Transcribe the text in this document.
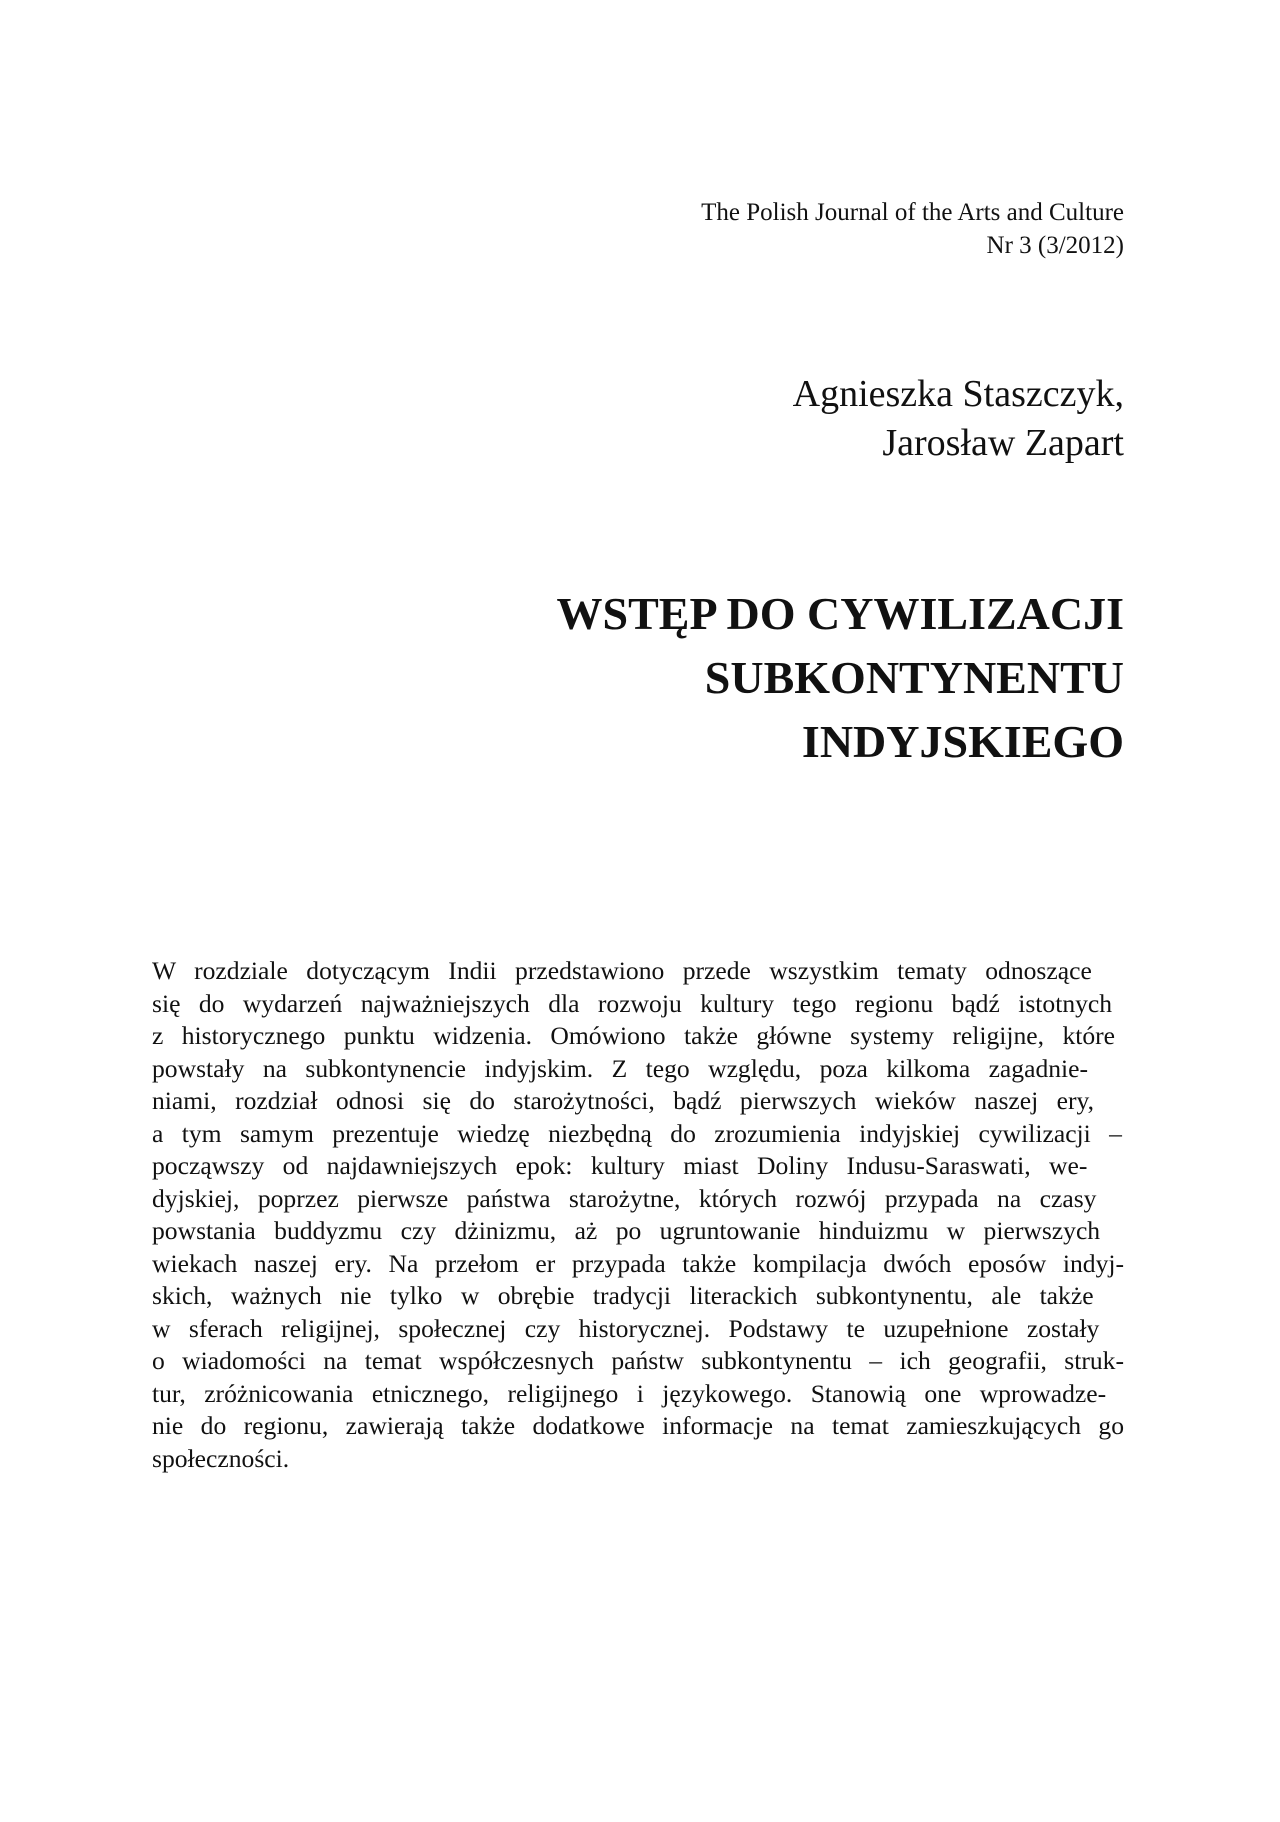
The Polish Journal of the Arts and Culture
Nr 3 (3/2012)
Agnieszka Staszczyk,
Jarosław Zapart
WSTĘP DO CYWILIZACJI
SUBKONTYNENTU
INDYJSKIEGO
W rozdziale dotyczącym Indii przedstawiono przede wszystkim tematy odnoszące
się do wydarzeń najważniejszych dla rozwoju kultury tego regionu bądź istotnych
z historycznego punktu widzenia. Omówiono także główne systemy religijne, które
powstały na subkontynencie indyjskim. Z tego względu, poza kilkoma zagadnie-
niami, rozdział odnosi się do starożytności, bądź pierwszych wieków naszej ery,
a tym samym prezentuje wiedzę niezbędną do zrozumienia indyjskiej cywilizacji –
począwszy od najdawniejszych epok: kultury miast Doliny Indusu-Saraswati, we-
dyjskiej, poprzez pierwsze państwa starożytne, których rozwój przypada na czasy
powstania buddyzmu czy dżinizmu, aż po ugruntowanie hinduizmu w pierwszych
wiekach naszej ery. Na przełom er przypada także kompilacja dwóch eposów indyj-
skich, ważnych nie tylko w obrębie tradycji literackich subkontynentu, ale także
w sferach religijnej, społecznej czy historycznej. Podstawy te uzupełnione zostały
o wiadomości na temat współczesnych państw subkontynentu – ich geografii, struk-
tur, zróżnicowania etnicznego, religijnego i językowego. Stanowią one wprowadze-
nie do regionu, zawierają także dodatkowe informacje na temat zamieszkujących go
społeczności.
